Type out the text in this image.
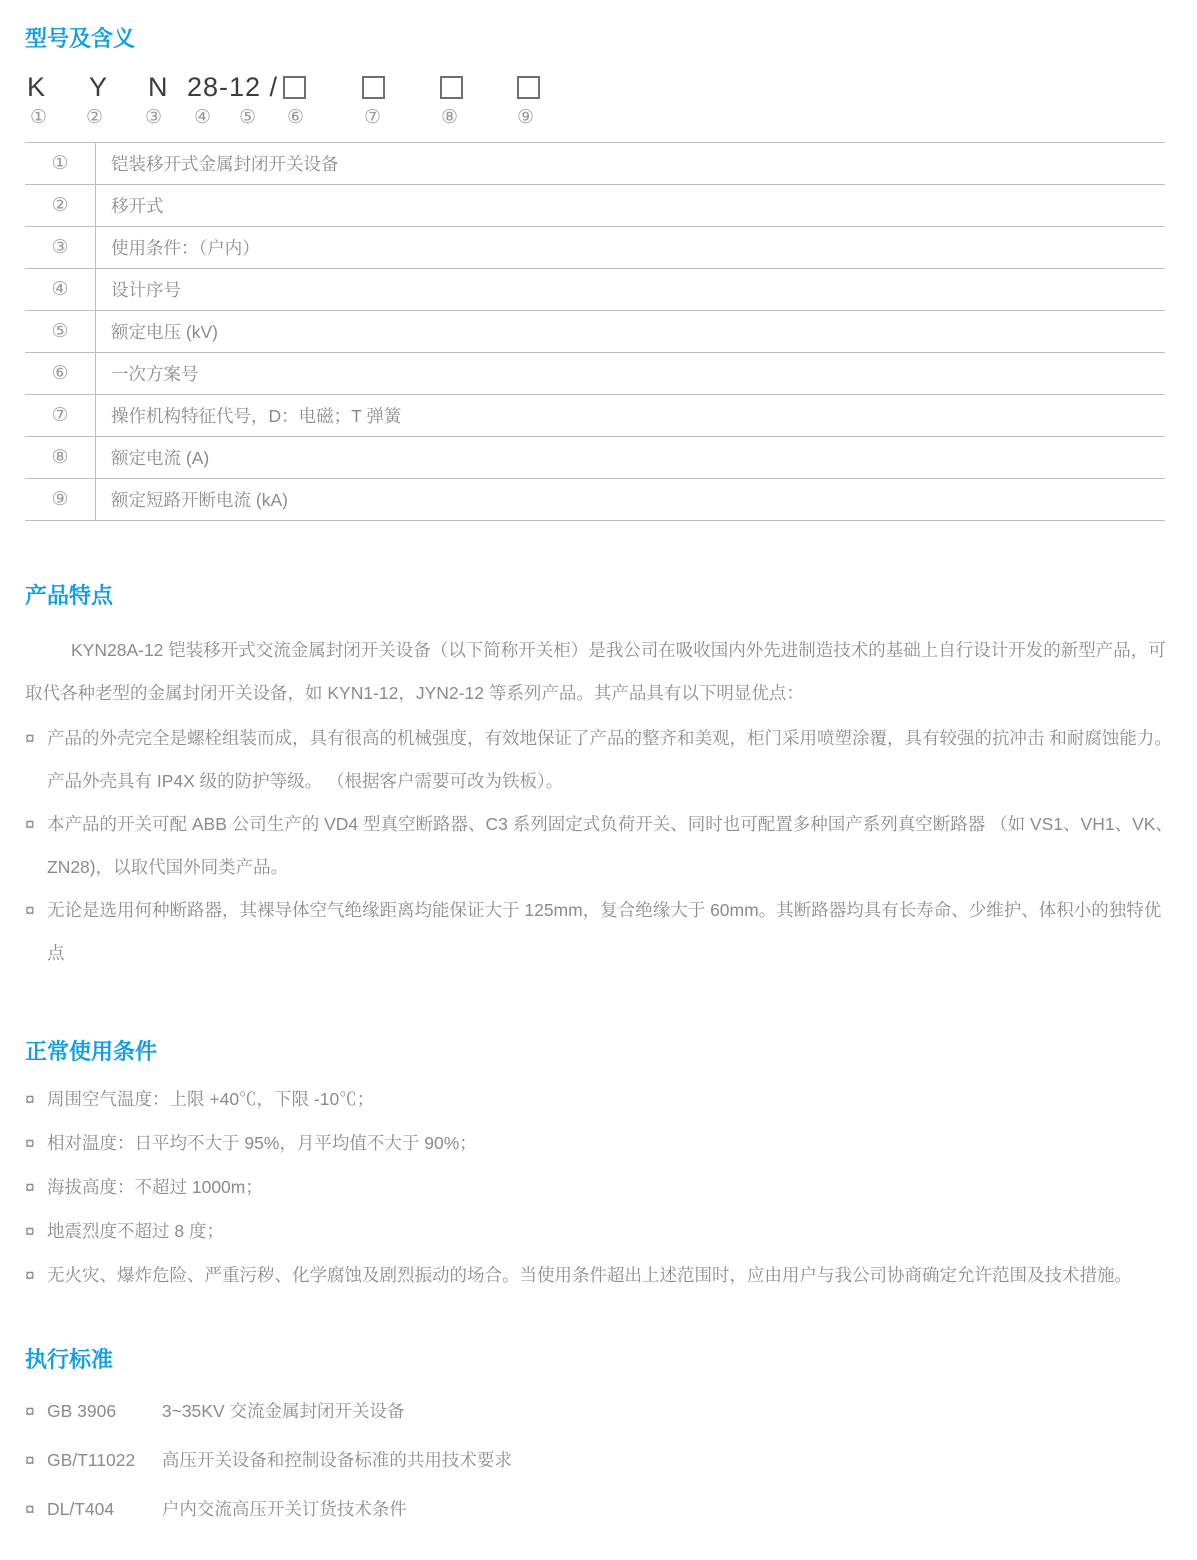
型号及含义
K Y N 28-12 /
① ② ③ ④ ⑤ ⑥	⑦	⑧	⑨
①	铠装移开式金属封闭开关设备
②	移开式
③	使用条件：（户内）
④	设计序号
⑤	额定电压 (kV)
⑥	一次方案号
⑦	操作机构特征代号，D：电磁；T 弹簧
⑧	额定电流 (A)
⑨	额定短路开断电流 (kA)
产品特点

KYN28A-12 铠装移开式交流金属封闭开关设备（以下简称开关柜）是我公司在吸收国内外先进制造技术的基础上自行设计开发的新型产品，可取代各种老型的金属封闭开关设备，如 KYN1-12，JYN2-12 等系列产品。其产品具有以下明显优点：

¤ 产品的外壳完全是螺栓组装而成，具有很高的机械强度，有效地保证了产品的整齐和美观，柜门采用喷塑涂覆，具有较强的抗冲击 和耐腐蚀能力。产品外壳具有 IP4X 级的防护等级。 （根据客户需要可改为铁板）。

¤ 本产品的开关可配 ABB 公司生产的 VD4 型真空断路器、C3 系列固定式负荷开关、同时也可配置多种国产系列真空断路器 （如 VS1、VH1、VK、ZN28)，以取代国外同类产品。

¤ 无论是选用何种断路器，其裸导体空气绝缘距离均能保证大于 125mm，复合绝缘大于 60mm。其断路器均具有长寿命、少维护、体积小的独特优点

正常使用条件

¤ 周围空气温度：上限 +40℃，下限 -10℃；

¤ 相对温度：日平均不大于 95%，月平均值不大于 90%；

¤ 海拔高度：不超过 1000m；

¤ 地震烈度不超过 8 度；

¤ 无火灾、爆炸危险、严重污秽、化学腐蚀及剧烈振动的场合。当使用条件超出上述范围时，应由用户与我公司协商确定允许范围及技术措施。

执行标准

¤ GB 3906	3~35KV 交流金属封闭开关设备

¤ GB/T11022 高压开关设备和控制设备标准的共用技术要求

¤ DL/T404	户内交流高压开关订货技术条件
